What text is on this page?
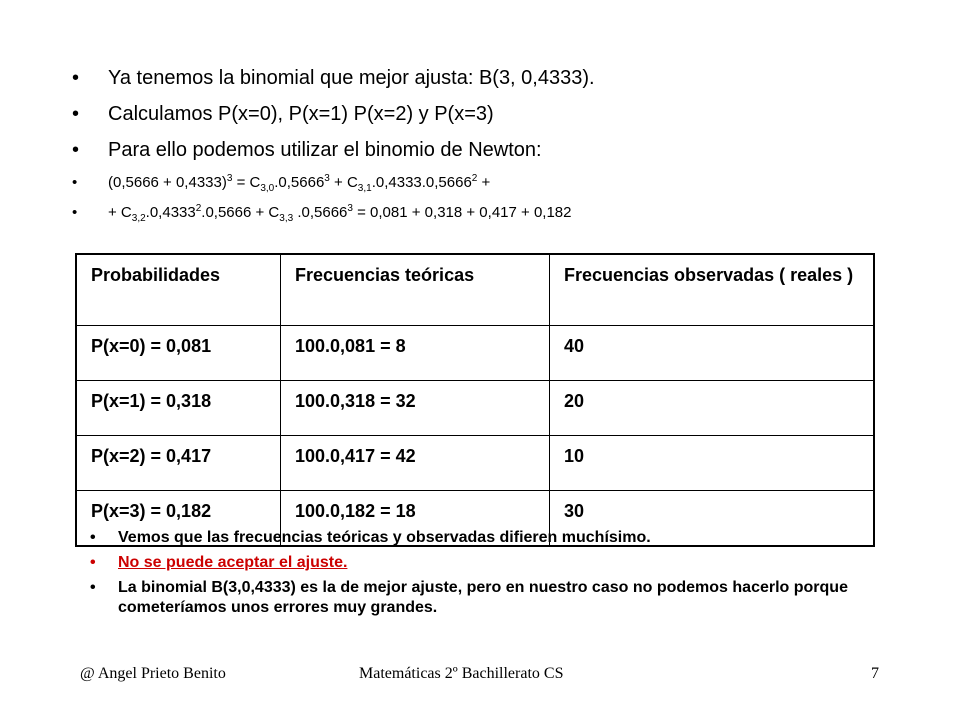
• Ya tenemos la binomial que mejor ajusta: B(3, 0,4333).
• Calculamos P(x=0), P(x=1) P(x=2) y P(x=3)
• Para ello podemos utilizar el binomio de Newton:
• $(0,5666 + 0,4333)^3 = C_{3,0}.0,5666^3 + C_{3,1}.0,4333.0,5666^2$ +
• + $C_{3,2}.0,4333^2.0,5666 + C_{3,3}$ $.0,5666^3 = 0,081 + 0,318 + 0,417 + 0,182$
Probabilidades	Frecuencias teóricas	Frecuencias observadas ( reales )
P(x=0) = 0,081	100.0,081 = 8	40
P(x=1) = 0,318	100.0,318 = 32	20
P(x=2) = 0,417	100.0,417 = 42	10
P(x=3) = 0,182	100.0,182 = 18	30
• Vemos que las frecuencias teóricas y observadas difieren muchísimo.
• No se puede aceptar el ajuste.
• La binomial B(3,0,4333) es la de mejor ajuste, pero en nuestro caso no podemos hacerlo porque cometeríamos unos errores muy grandes.
@ Angel Prieto Benito	Matemáticas 2º Bachillerato CS	7
